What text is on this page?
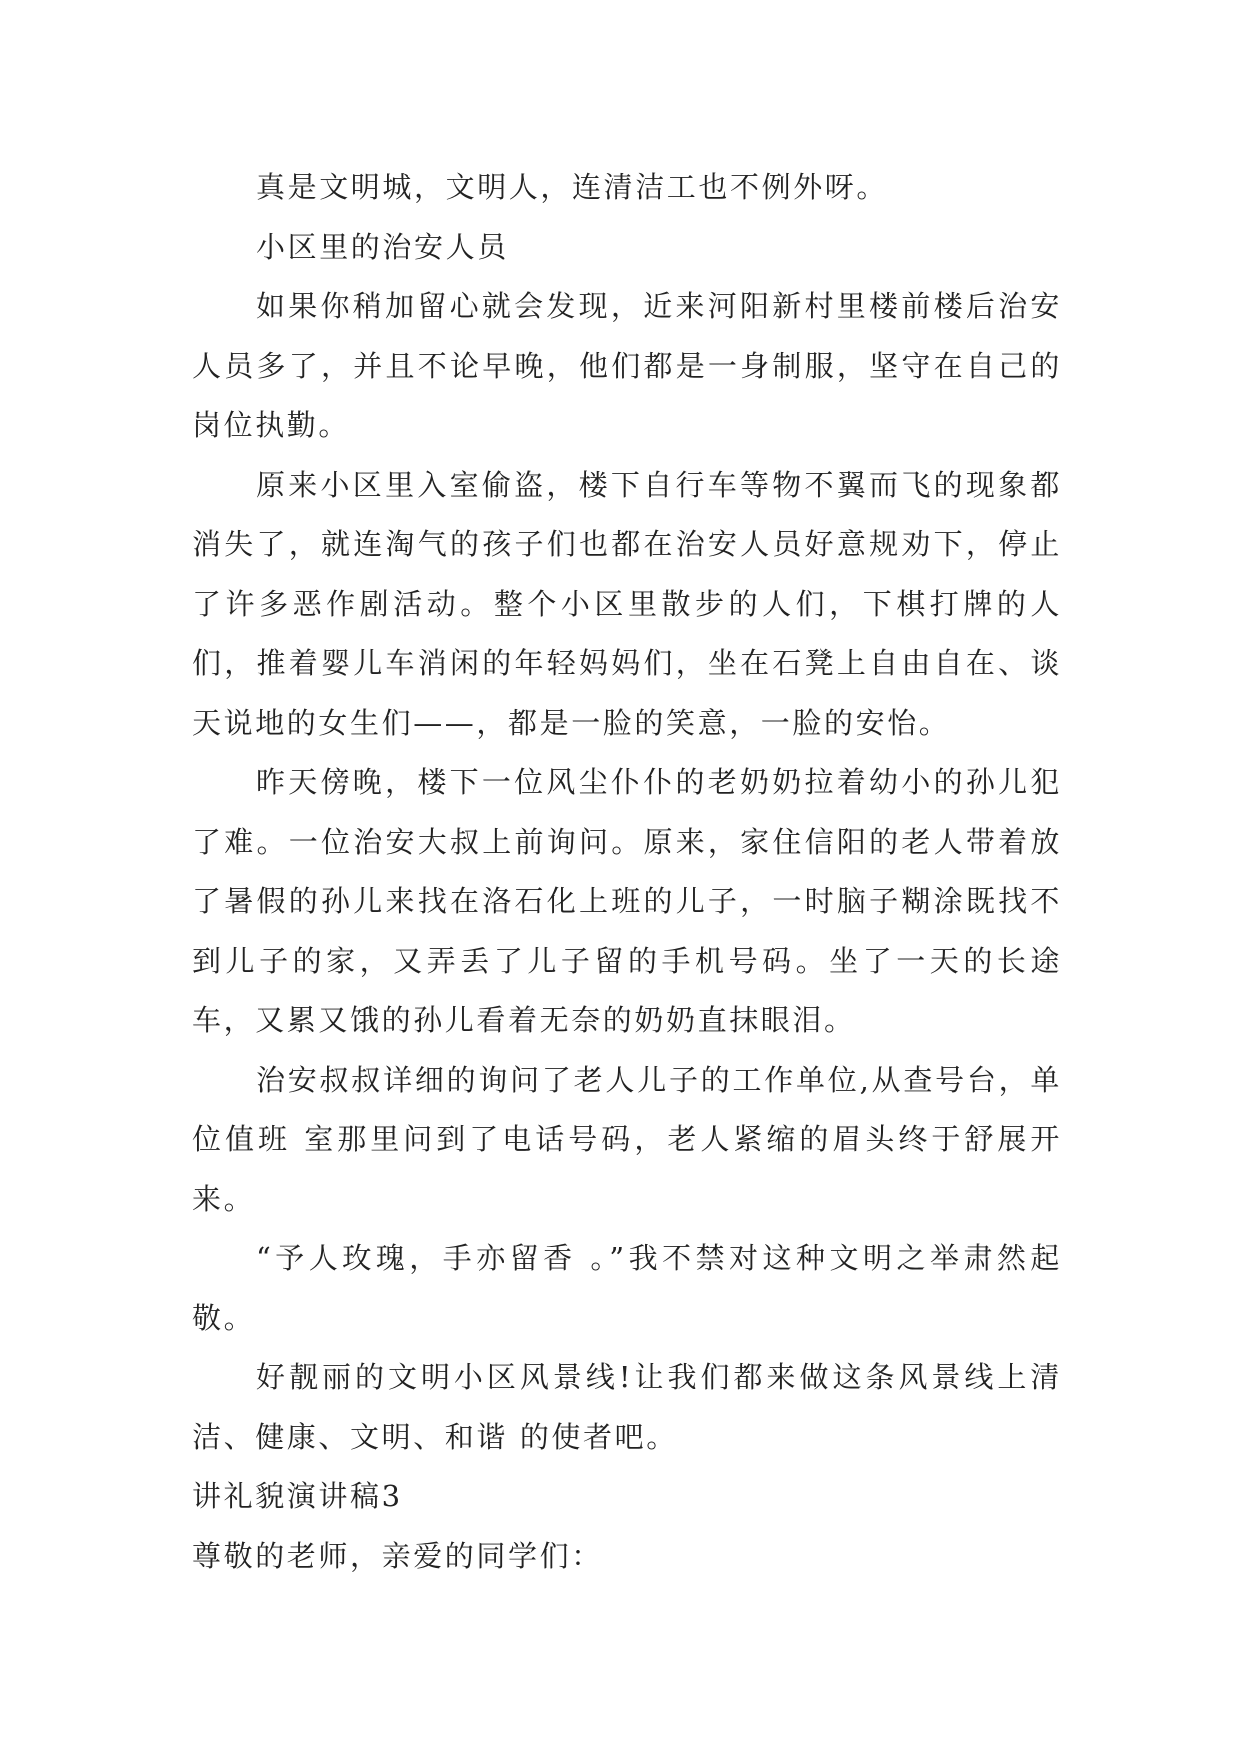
真是文明城，文明人，连清洁工也不例外呀。

小区里的治安人员

如果你稍加留心就会发现，近来河阳新村里楼前楼后治安人员多了，并且不论早晚，他们都是一身制服，坚守在自己的岗位执勤。

原来小区里入室偷盗，楼下自行车等物不翼而飞的现象都消失了，就连淘气的孩子们也都在治安人员好意规劝下，停止了许多恶作剧活动。整个小区里散步的人们，下棋打牌的人们，推着婴儿车消闲的年轻妈妈们，坐在石凳上自由自在、谈天说地的女生们——，都是一脸的笑意，一脸的安怡。

昨天傍晚，楼下一位风尘仆仆的老奶奶拉着幼小的孙儿犯了难。一位治安大叔上前询问。原来，家住信阳的老人带着放了暑假的孙儿来找在洛石化上班的儿子，一时脑子糊涂既找不到儿子的家，又弄丢了儿子留的手机号码。坐了一天的长途车，又累又饿的孙儿看着无奈的奶奶直抹眼泪。

治安叔叔详细的询问了老人儿子的工作单位,从查号台，单位值班 室那里问到了电话号码，老人紧缩的眉头终于舒展开来。

“予人玫瑰，手亦留香 。”我不禁对这种文明之举肃然起敬。

好靓丽的文明小区风景线!让我们都来做这条风景线上清洁、健康、文明、和谐 的使者吧。

讲礼貌演讲稿3

尊敬的老师，亲爱的同学们：
